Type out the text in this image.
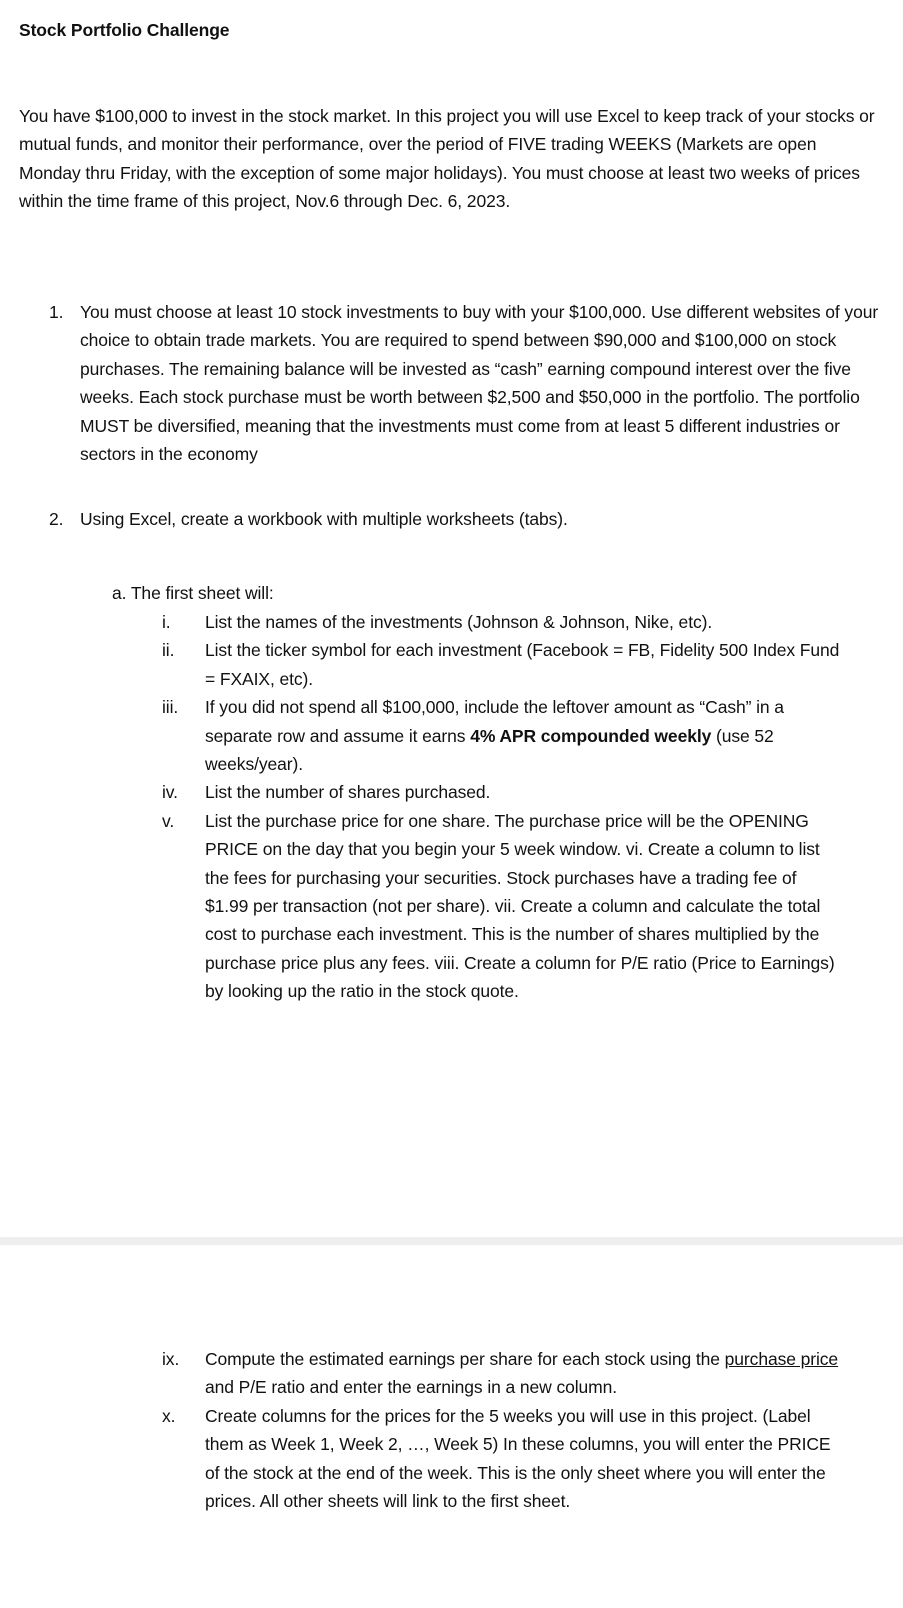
Stock Portfolio Challenge

You have $100,000 to invest in the stock market. In this project you will use Excel to keep track of your stocks or mutual funds, and monitor their performance, over the period of FIVE trading WEEKS (Markets are open Monday thru Friday, with the exception of some major holidays). You must choose at least two weeks of prices within the time frame of this project, Nov.6 through Dec. 6, 2023.

1. You must choose at least 10 stock investments to buy with your $100,000. Use different websites of your choice to obtain trade markets. You are required to spend between $90,000 and $100,000 on stock purchases. The remaining balance will be invested as “cash” earning compound interest over the five weeks. Each stock purchase must be worth between $2,500 and $50,000 in the portfolio. The portfolio MUST be diversified, meaning that the investments must come from at least 5 different industries or sectors in the economy
2. Using Excel, create a workbook with multiple worksheets (tabs).
a. The first sheet will:
i.	List the names of the investments (Johnson & Johnson, Nike, etc).
ii.	List the ticker symbol for each investment (Facebook = FB, Fidelity 500 Index Fund = FXAIX, etc).
iii.	If you did not spend all $100,000, include the leftover amount as “Cash” in a separate row and assume it earns 4% APR compounded weekly (use 52 weeks/year).
iv.	List the number of shares purchased.
v.	List the purchase price for one share. The purchase price will be the OPENING PRICE on the day that you begin your 5 week window. vi. Create a column to list the fees for purchasing your securities. Stock purchases have a trading fee of $1.99 per transaction (not per share). vii. Create a column and calculate the total cost to purchase each investment. This is the number of shares multiplied by the purchase price plus any fees. viii. Create a column for P/E ratio (Price to Earnings) by looking up the ratio in the stock quote.
ix.	Compute the estimated earnings per share for each stock using the purchase price and P/E ratio and enter the earnings in a new column.
x.	Create columns for the prices for the 5 weeks you will use in this project. (Label them as Week 1, Week 2, …, Week 5) In these columns, you will enter the PRICE of the stock at the end of the week. This is the only sheet where you will enter the prices. All other sheets will link to the first sheet.
